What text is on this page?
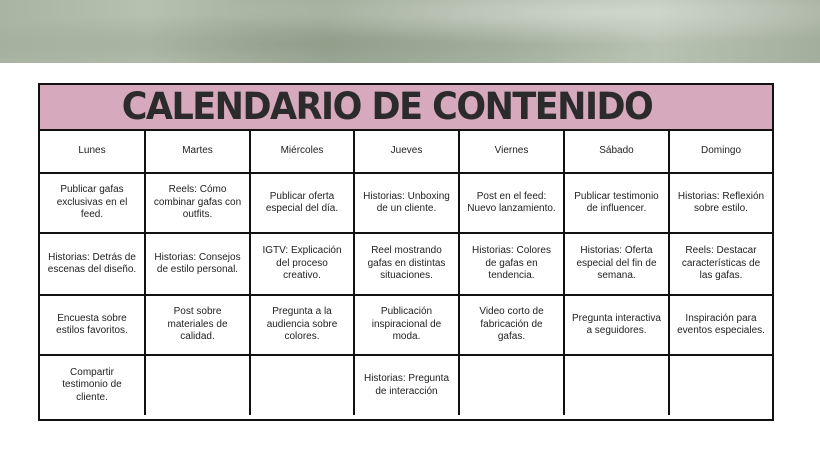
CALENDARIO DE CONTENIDO
Lunes	Martes	Miércoles	Jueves	Viernes	Sábado	Domingo
Publicar gafas exclusivas en el feed.	Reels: Cómo combinar gafas con outfits.	Publicar oferta especial del día.	Historias: Unboxing de un cliente.	Post en el feed: Nuevo lanzamiento.	Publicar testimonio de influencer.	Historias: Reflexión sobre estilo.
Historias: Detrás de escenas del diseño.	Historias: Consejos de estilo personal.	IGTV: Explicación del proceso creativo.	Reel mostrando gafas en distintas situaciones.	Historias: Colores de gafas en tendencia.	Historias: Oferta especial del fin de semana.	Reels: Destacar características de las gafas.
Encuesta sobre estilos favoritos.	Post sobre materiales de calidad.	Pregunta a la audiencia sobre colores.	Publicación inspiracional de moda.	Video corto de fabricación de gafas.	Pregunta interactiva a seguidores.	Inspiración para eventos especiales.
Compartir testimonio de cliente.			Historias: Pregunta de interacción			
